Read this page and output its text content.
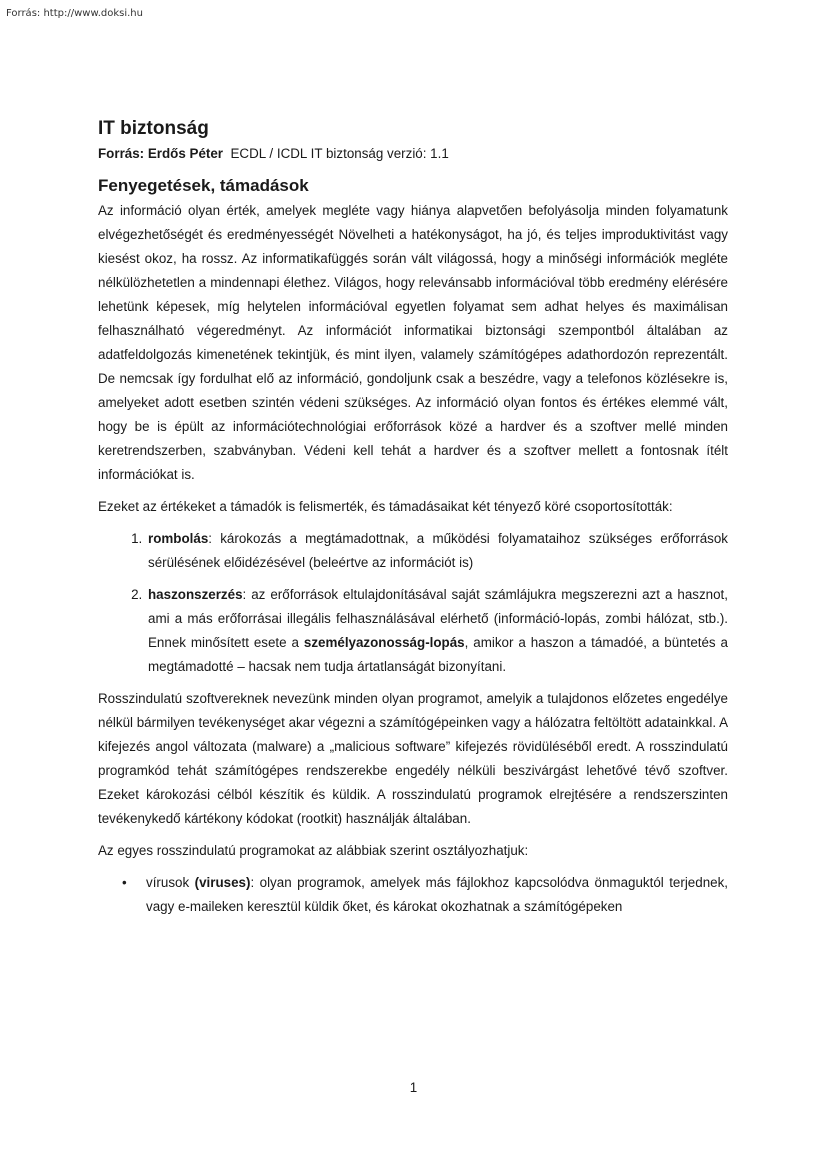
Forrás: http://www.doksi.hu
IT biztonság
Forrás: Erdős Péter ECDL / ICDL IT biztonság verzió: 1.1
Fenyegetések, támadások

Az információ olyan érték, amelyek megléte vagy hiánya alapvetően befolyásolja minden folyamatunk elvégezhetőségét és eredményességét Növelheti a hatékonyságot, ha jó, és teljes improduktivitást vagy kiesést okoz, ha rossz. Az informatikafüggés során vált világossá, hogy a minőségi információk megléte nélkülözhetetlen a mindennapi élethez. Világos, hogy relevánsabb információval több eredmény elérésére lehetünk képesek, míg helytelen információval egyetlen folyamat sem adhat helyes és maximálisan felhasználható végeredményt. Az információt informatikai biztonsági szempontból általában az adatfeldolgozás kimenetének tekintjük, és mint ilyen, valamely számítógépes adathordozón reprezentált. De nemcsak így fordulhat elő az információ, gondoljunk csak a beszédre, vagy a telefonos közlésekre is, amelyeket adott esetben szintén védeni szükséges. Az információ olyan fontos és értékes elemmé vált, hogy be is épült az információtechnológiai erőforrások közé a hardver és a szoftver mellé minden keretrendszerben, szabványban. Védeni kell tehát a hardver és a szoftver mellett a fontosnak ítélt információkat is.

Ezeket az értékeket a támadók is felismerték, és támadásaikat két tényező köré csoportosították:

1. rombolás: károkozás a megtámadottnak, a működési folyamataihoz szükséges erőforrások sérülésének előidézésével (beleértve az információt is)
2. haszonszerzés: az erőforrások eltulajdonításával saját számlájukra megszerezni azt a hasznot, ami a más erőforrásai illegális felhasználásával elérhető (információ-lopás, zombi hálózat, stb.). Ennek minősített esete a személyazonosság-lopás, amikor a haszon a támadóé, a büntetés a megtámadotté – hacsak nem tudja ártatlanságát bizonyítani.

Rosszindulatú szoftvereknek nevezünk minden olyan programot, amelyik a tulajdonos előzetes engedélye nélkül bármilyen tevékenységet akar végezni a számítógépeinken vagy a hálózatra feltöltött adatainkkal. A kifejezés angol változata (malware) a „malicious software” kifejezés rövidüléséből eredt. A rosszindulatú programkód tehát számítógépes rendszerekbe engedély nélküli beszivárgást lehetővé tévő szoftver. Ezeket károkozási célból készítik és küldik. A rosszindulatú programok elrejtésére a rendszerszinten tevékenykedő kártékony kódokat (rootkit) használják általában.

Az egyes rosszindulatú programokat az alábbiak szerint osztályozhatjuk:

• vírusok (viruses): olyan programok, amelyek más fájlokhoz kapcsolódva önmaguktól terjednek, vagy e-maileken keresztül küldik őket, és károkat okozhatnak a számítógépeken
1
